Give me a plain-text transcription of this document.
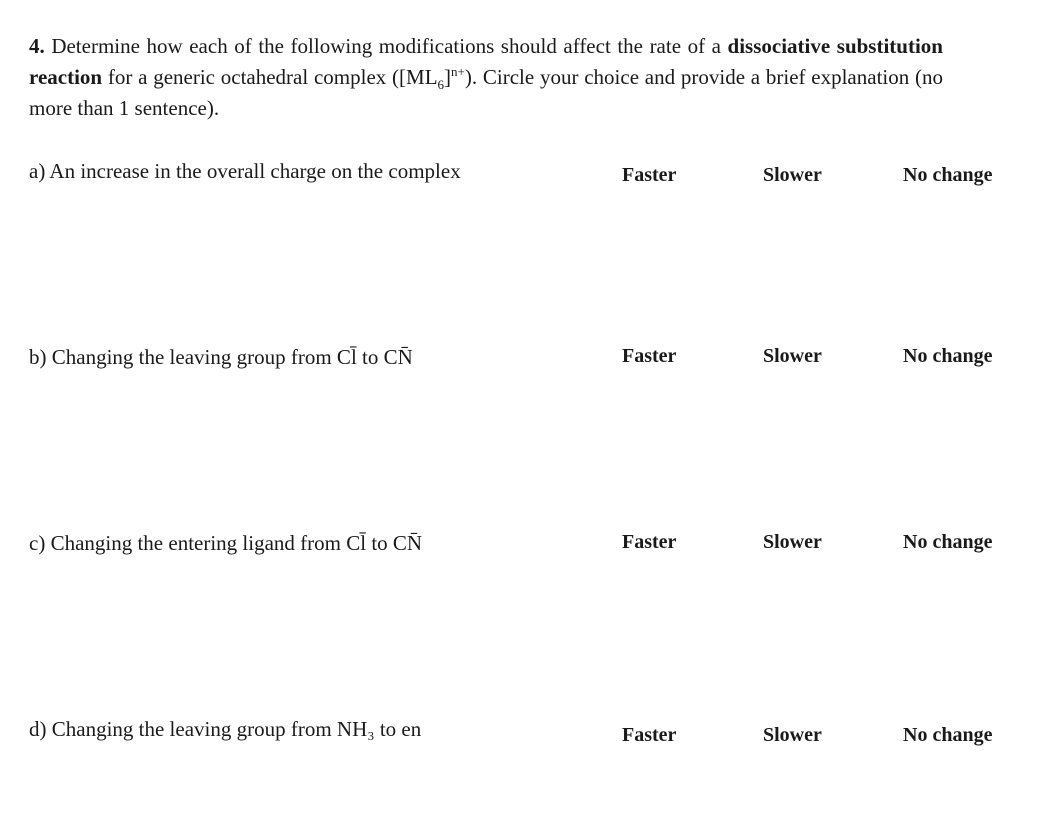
4. Determine how each of the following modifications should affect the rate of a dissociative substitution reaction for a generic octahedral complex $([ML_6]^{n+})$. Circle your choice and provide a brief explanation (no more than 1 sentence).
a) An increase in the overall charge on the complex	Faster	Slower	No change
b) Changing the leaving group from Cl̄ to CN̄	Faster	Slower	No change
c) Changing the entering ligand from Cl̄ to CN̄	Faster	Slower	No change
d) Changing the leaving group from NH₃ to en	Faster	Slower	No change
